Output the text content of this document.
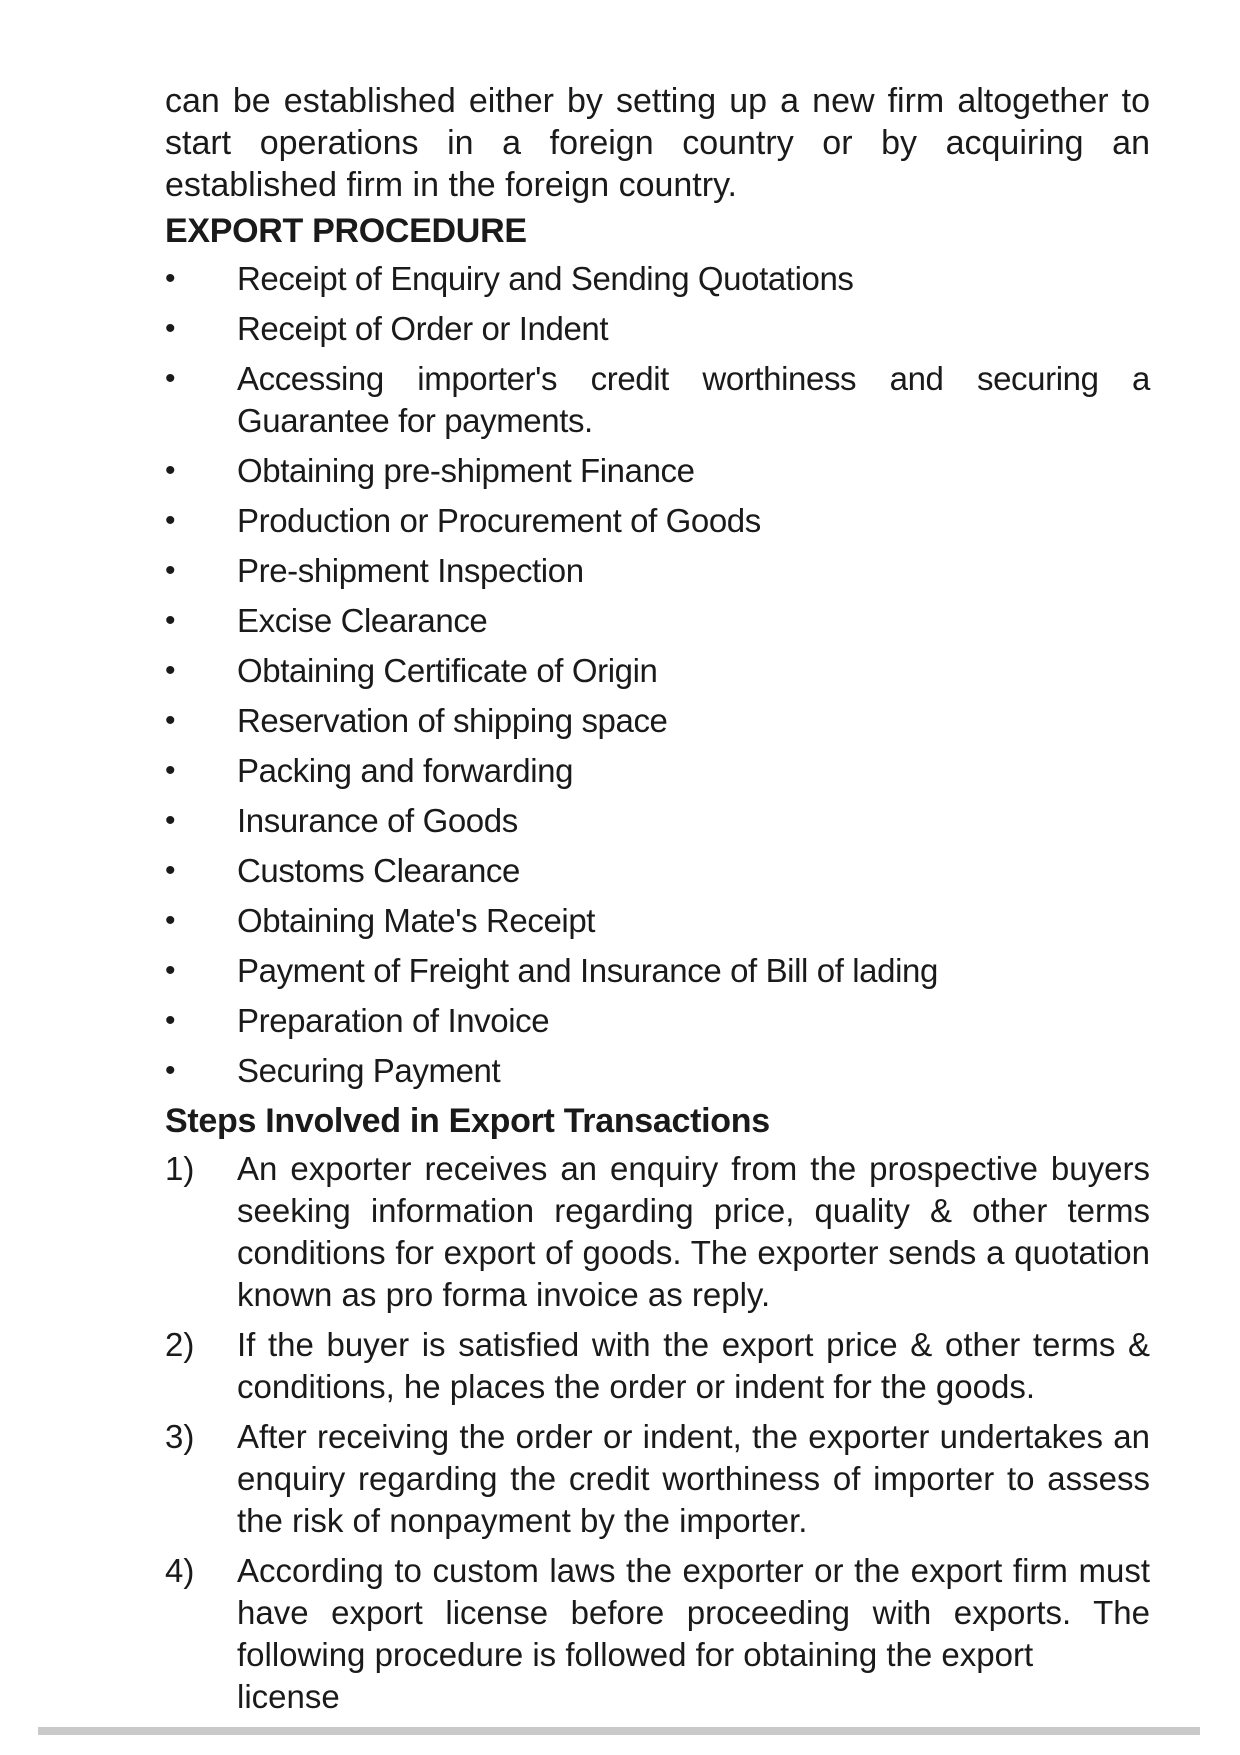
can be established either by setting up a new firm altogether to start operations in a foreign country or by acquiring an established firm in the foreign country.

EXPORT PROCEDURE
• Receipt of Enquiry and Sending Quotations
• Receipt of Order or Indent
• Accessing importer's credit worthiness and securing a Guarantee for payments.
• Obtaining pre-shipment Finance
• Production or Procurement of Goods
• Pre-shipment Inspection
• Excise Clearance
• Obtaining Certificate of Origin
• Reservation of shipping space
• Packing and forwarding
• Insurance of Goods
• Customs Clearance
• Obtaining Mate's Receipt
• Payment of Freight and Insurance of Bill of lading
• Preparation of Invoice
• Securing Payment
Steps Involved in Export Transactions
1) An exporter receives an enquiry from the prospective buyers seeking information regarding price, quality & other terms conditions for export of goods. The exporter sends a quotation known as pro forma invoice as reply.
2) If the buyer is satisfied with the export price & other terms & conditions, he places the order or indent for the goods.
3) After receiving the order or indent, the exporter undertakes an enquiry regarding the credit worthiness of importer to assess the risk of nonpayment by the importer.
4) According to custom laws the exporter or the export firm must have export license before proceeding with exports. The following procedure is followed for obtaining the export
license
